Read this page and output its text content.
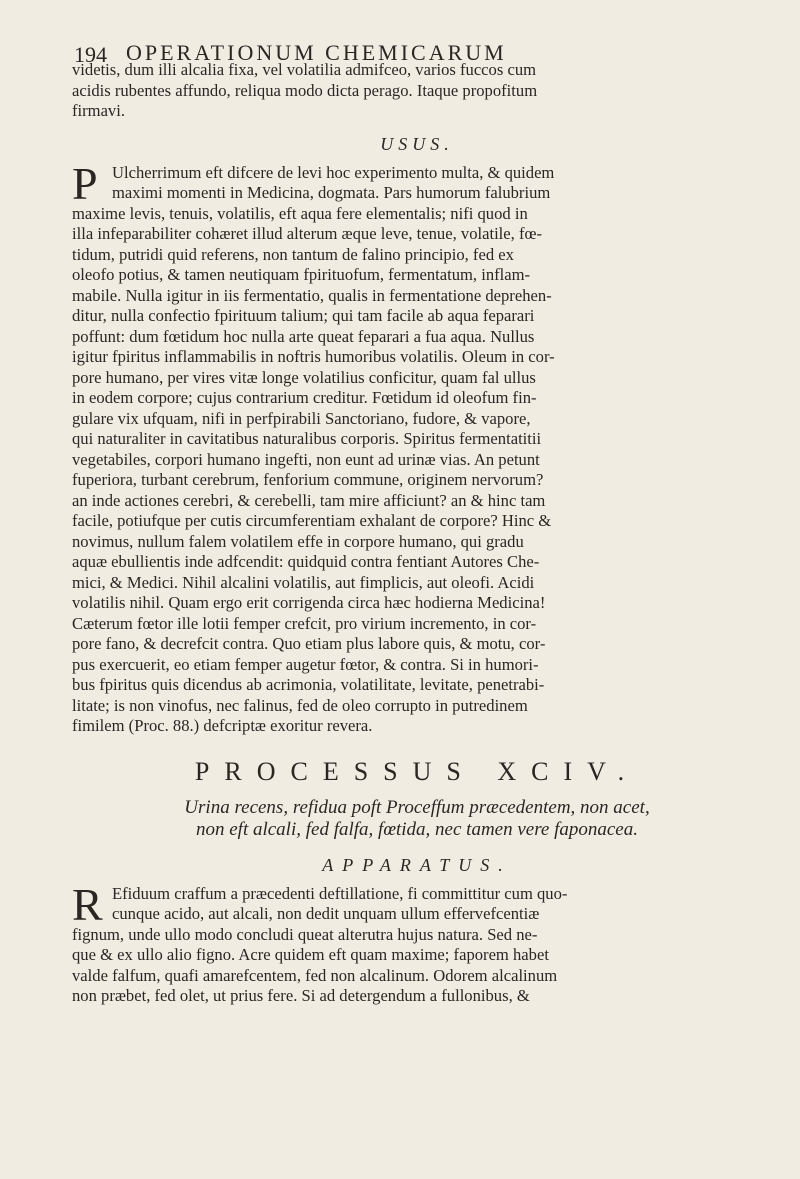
194 OPERATIONUM CHEMICARUM
videtis, dum illi alcalia fixa, vel volatilia admifceo, varios fuccos cum
acidis rubentes affundo, reliqua modo dicta perago. Itaque propofitum
firmavi.
USUS.
P Ulcherrimum eft difcere de levi hoc experimento multa, & quidem
maximi momenti in Medicina, dogmata. Pars humorum falubrium
maxime levis, tenuis, volatilis, eft aqua fere elementalis; nifi quod in
illa infeparabiliter cohæret illud alterum æque leve, tenue, volatile, fœ-
tidum, putridi quid referens, non tantum de falino principio, fed ex
oleofo potius, & tamen neutiquam fpirituofum, fermentatum, inflam-
mabile. Nulla igitur in iis fermentatio, qualis in fermentatione deprehen-
ditur, nulla confectio fpirituum talium; qui tam facile ab aqua feparari
poffunt: dum fœtidum hoc nulla arte queat feparari a fua aqua. Nullus
igitur fpiritus inflammabilis in noftris humoribus volatilis. Oleum in cor-
pore humano, per vires vitæ longe volatilius conficitur, quam fal ullus
in eodem corpore; cujus contrarium creditur. Fœtidum id oleofum fin-
gulare vix ufquam, nifi in perfpirabili Sanctoriano, fudore, & vapore,
qui naturaliter in cavitatibus naturalibus corporis. Spiritus fermentatitii
vegetabiles, corpori humano ingefti, non eunt ad urinæ vias. An petunt
fuperiora, turbant cerebrum, fenforium commune, originem nervorum?
an inde actiones cerebri, & cerebelli, tam mire afficiunt? an & hinc tam
facile, potiufque per cutis circumferentiam exhalant de corpore? Hinc &
novimus, nullum falem volatilem effe in corpore humano, qui gradu
aquæ ebullientis inde adfcendit: quidquid contra fentiant Autores Che-
mici, & Medici. Nihil alcalini volatilis, aut fimplicis, aut oleofi. Acidi
volatilis nihil. Quam ergo erit corrigenda circa hæc hodierna Medicina!
Cæterum fœtor ille lotii femper crefcit, pro virium incremento, in cor-
pore fano, & decrefcit contra. Quo etiam plus labore quis, & motu, cor-
pus exercuerit, eo etiam femper augetur fœtor, & contra. Si in humori-
bus fpiritus quis dicendus ab acrimonia, volatilitate, levitate, penetrabi-
litate; is non vinofus, nec falinus, fed de oleo corrupto in putredinem
fimilem (Proc. 88.) defcriptæ exoritur revera.
PROCESSUS XCIV.
Urina recens, refidua poft Proceffum præcedentem, non acet,
non eft alcali, fed falfa, fœtida, nec tamen vere faponacea.
APPARATUS.
R Efiduum craffum a præcedenti deftillatione, fi committitur cum quo-
cunque acido, aut alcali, non dedit unquam ullum effervefcentiæ
fignum, unde ullo modo concludi queat alterutra hujus natura. Sed ne-
que & ex ullo alio figno. Acre quidem eft quam maxime; faporem habet
valde falfum, quafi amarefcentem, fed non alcalinum. Odorem alcalinum
non præbet, fed olet, ut prius fere. Si ad detergendum a fullonibus, &
